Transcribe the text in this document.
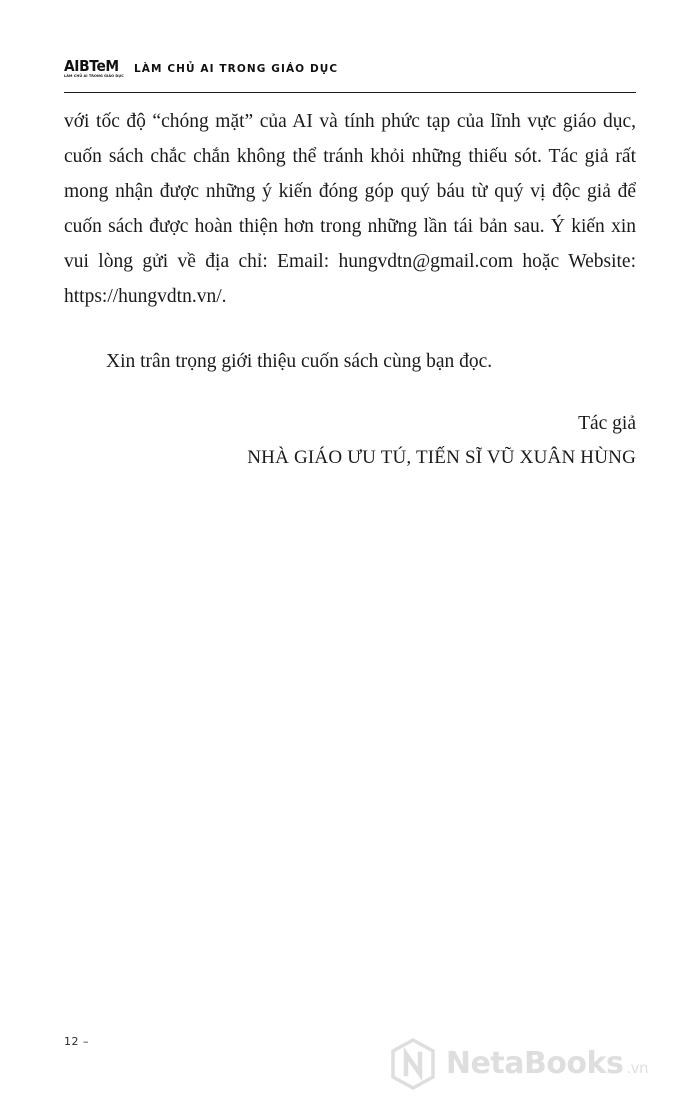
AIBTeM
LÀM CHỦ AI TRONG GIÁO DỤC
LÀM CHỦ AI TRONG GIÁO DỤC

với tốc độ “chóng mặt” của AI và tính phức tạp của lĩnh vực giáo dục, cuốn sách chắc chắn không thể tránh khỏi những thiếu sót. Tác giả rất mong nhận được những ý kiến đóng góp quý báu từ quý vị độc giả để cuốn sách được hoàn thiện hơn trong những lần tái bản sau. Ý kiến xin vui lòng gửi về địa chỉ: Email: hungvdtn@gmail.com hoặc Website: https://hungvdtn.vn/.

Xin trân trọng giới thiệu cuốn sách cùng bạn đọc.

Tác giả
NHÀ GIÁO ƯU TÚ, TIẾN SĨ VŨ XUÂN HÙNG
12 –
NetaBooks .vn
